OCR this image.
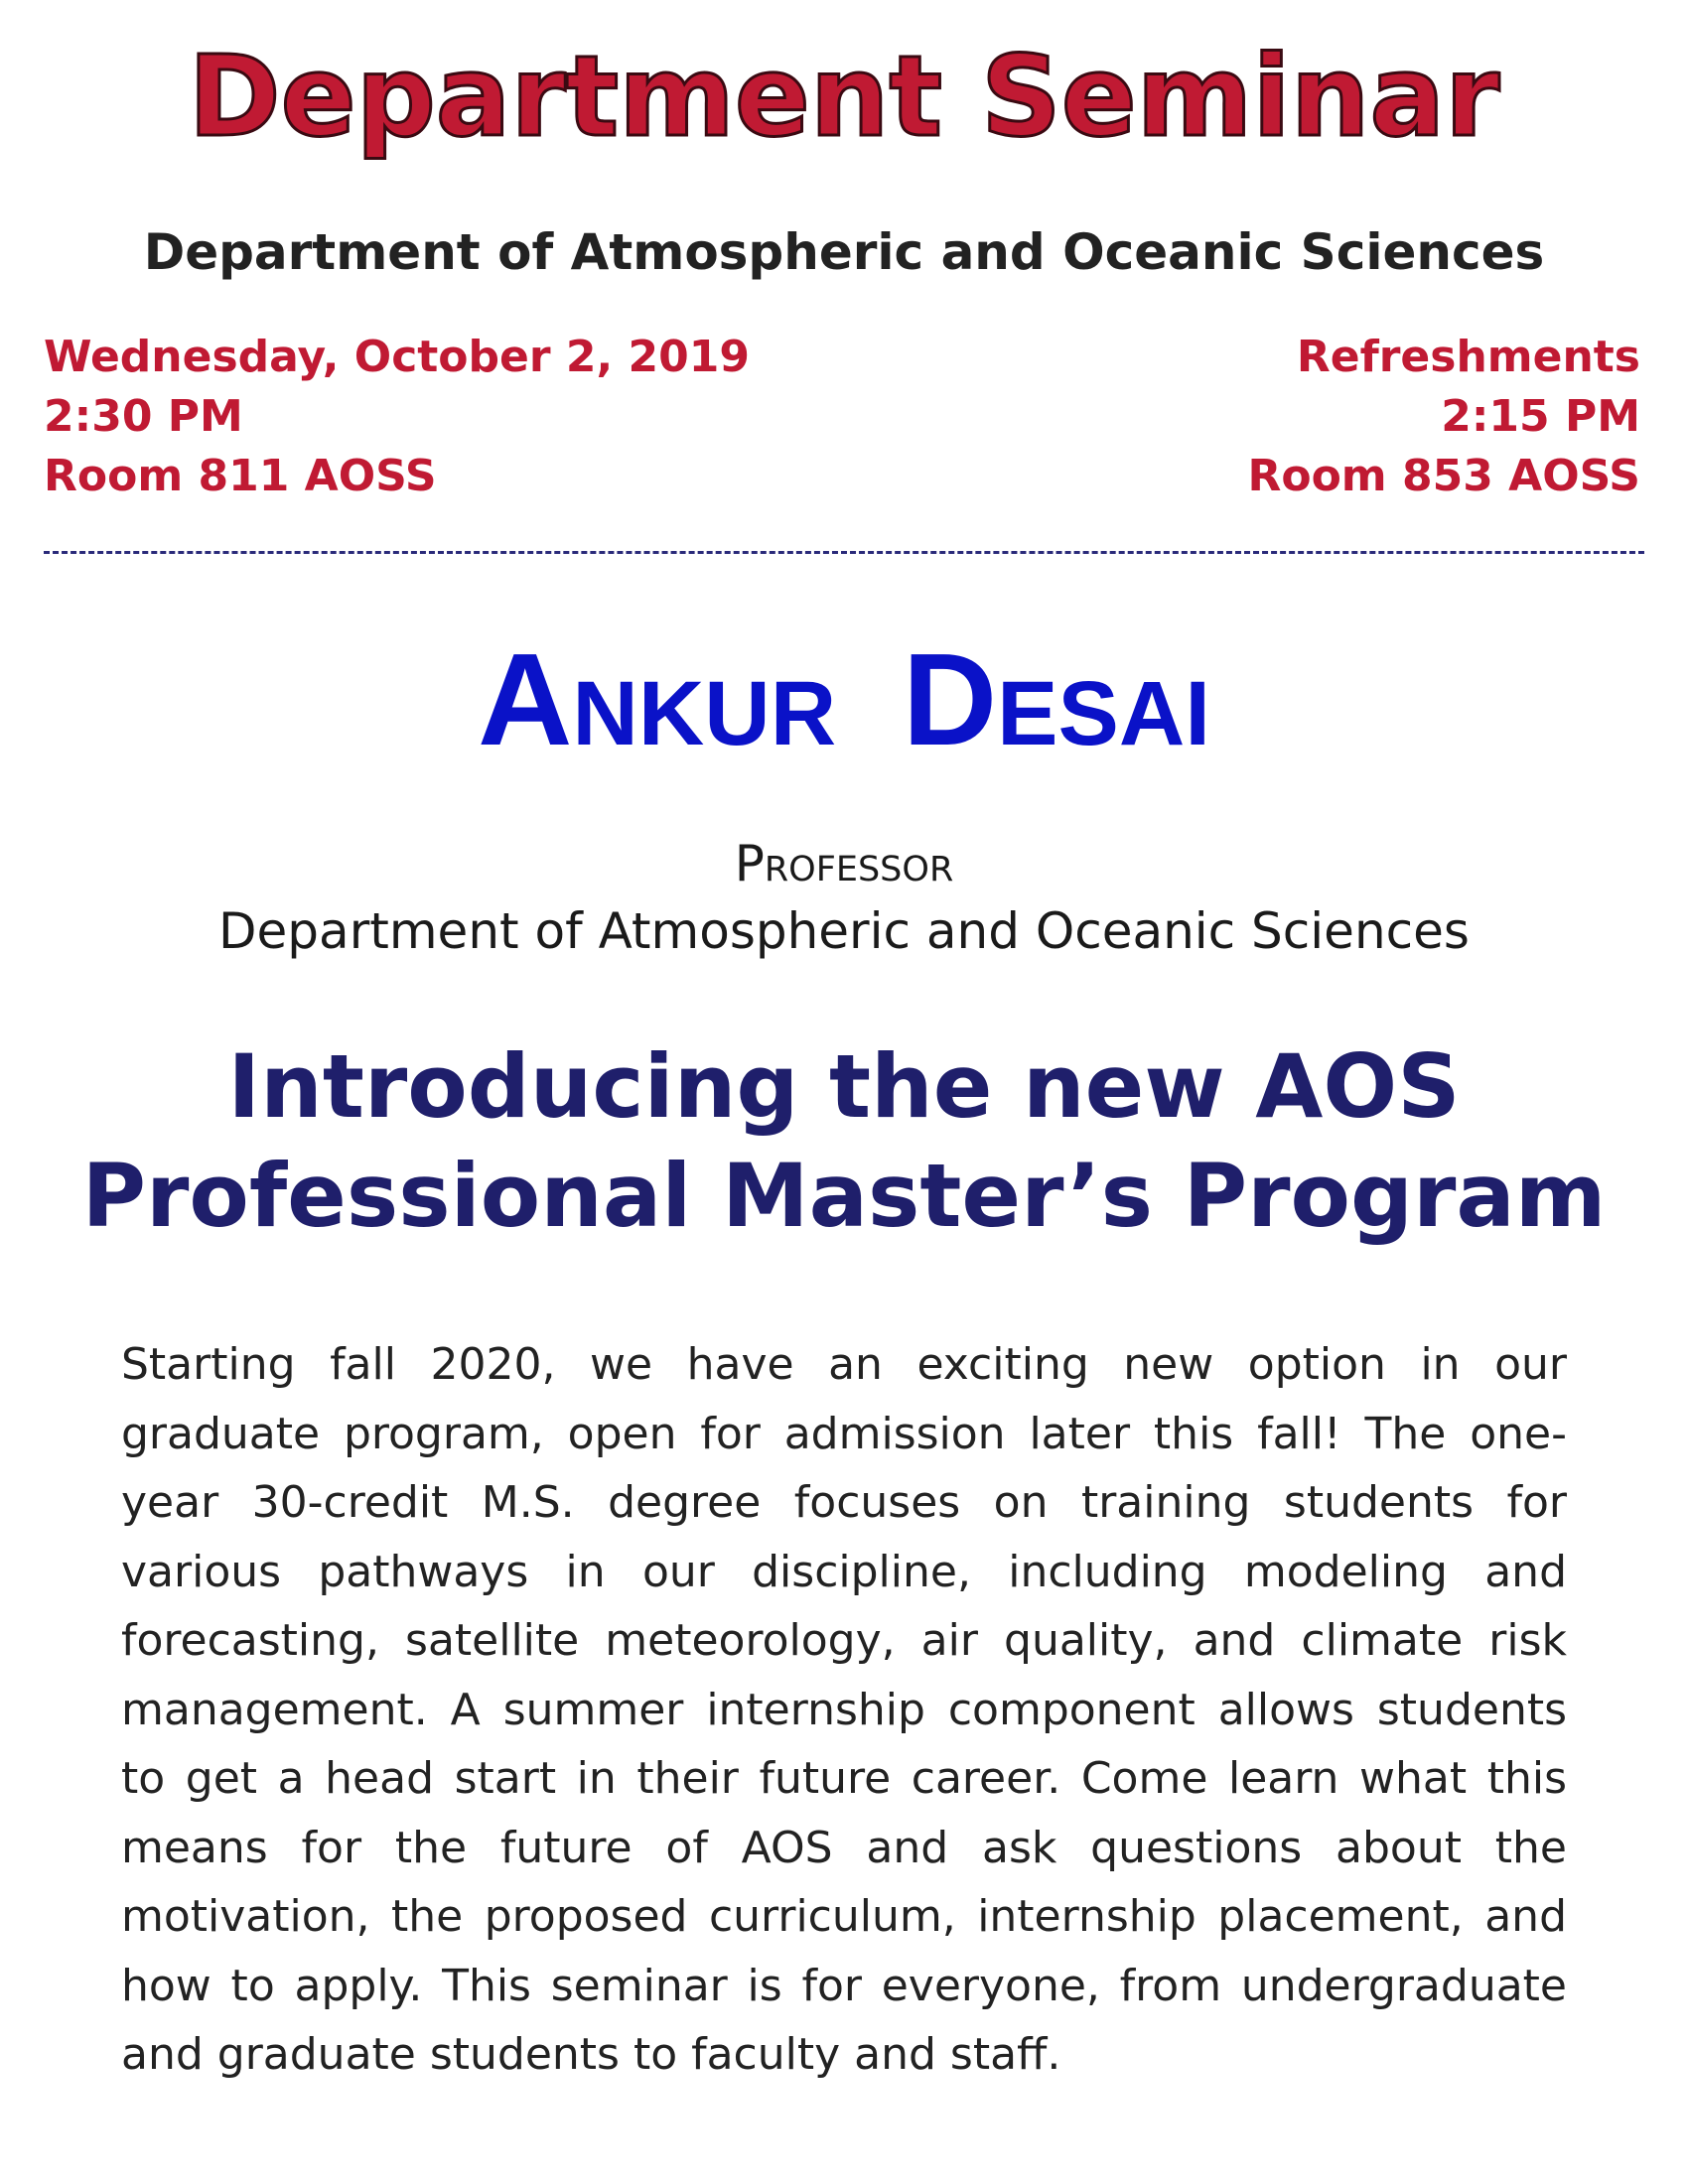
Department Seminar
Department of Atmospheric and Oceanic Sciences
Wednesday, October 2, 2019
2:30 PM
Room 811 AOSS
Refreshments
2:15 PM
Room 853 AOSS
Ankur Desai
Professor
Department of Atmospheric and Oceanic Sciences
Introducing the new AOS
Professional Master’s Program
Starting fall 2020, we have an exciting new option in our graduate program, open for admission later this fall! The one-year 30-credit M.S. degree focuses on training students for various pathways in our discipline, including modeling and forecasting, satellite meteorology, air quality, and climate risk management. A summer internship component allows students to get a head start in their future career. Come learn what this means for the future of AOS and ask questions about the motivation, the proposed curriculum, internship placement, and how to apply. This seminar is for everyone, from undergraduate and graduate students to faculty and staff.
